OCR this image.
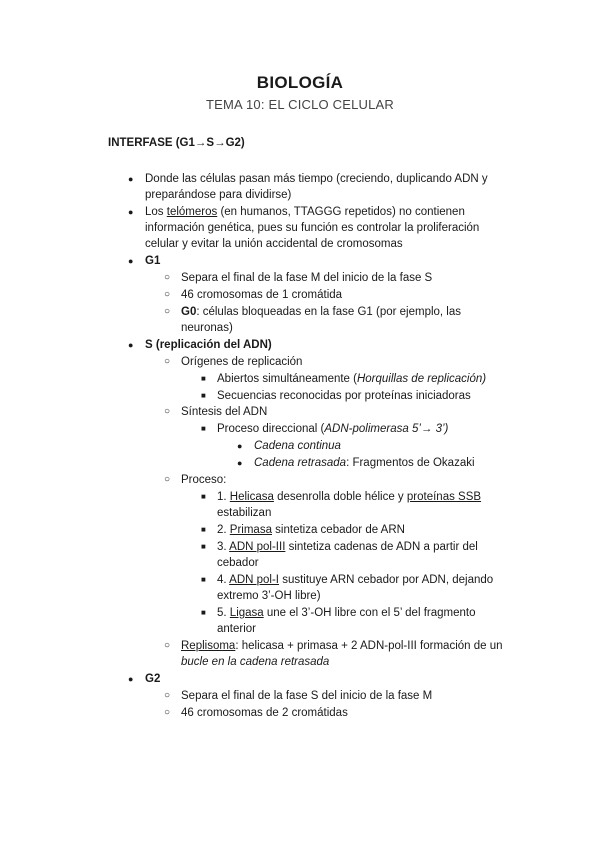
BIOLOGÍA
TEMA 10: EL CICLO CELULAR
INTERFASE (G1→S→G2)
● Donde las células pasan más tiempo (creciendo, duplicando ADN y
preparándose para dividirse)
● Los telómeros (en humanos, TTAGGG repetidos) no contienen
información genética, pues su función es controlar la proliferación
celular y evitar la unión accidental de cromosomas
● G1
○ Separa el final de la fase M del inicio de la fase S
○ 46 cromosomas de 1 cromátida
○ G0: células bloqueadas en la fase G1 (por ejemplo, las
neuronas)
● S (replicación del ADN)
○ Orígenes de replicación
■ Abiertos simultáneamente (Horquillas de replicación)
■ Secuencias reconocidas por proteínas iniciadoras
○ Síntesis del ADN
■ Proceso direccional (ADN-polimerasa 5’→ 3’)
● Cadena continua
● Cadena retrasada: Fragmentos de Okazaki
○ Proceso:
■ 1. Helicasa desenrolla doble hélice y proteínas SSB
estabilizan
■ 2. Primasa sintetiza cebador de ARN
■ 3. ADN pol-III sintetiza cadenas de ADN a partir del
cebador
■ 4. ADN pol-I sustituye ARN cebador por ADN, dejando
extremo 3’-OH libre)
■ 5. Ligasa une el 3’-OH libre con el 5’ del fragmento
anterior
○ Replisoma: helicasa + primasa + 2 ADN-pol-III formación de un
bucle en la cadena retrasada
● G2
○ Separa el final de la fase S del inicio de la fase M
○ 46 cromosomas de 2 cromátidas
